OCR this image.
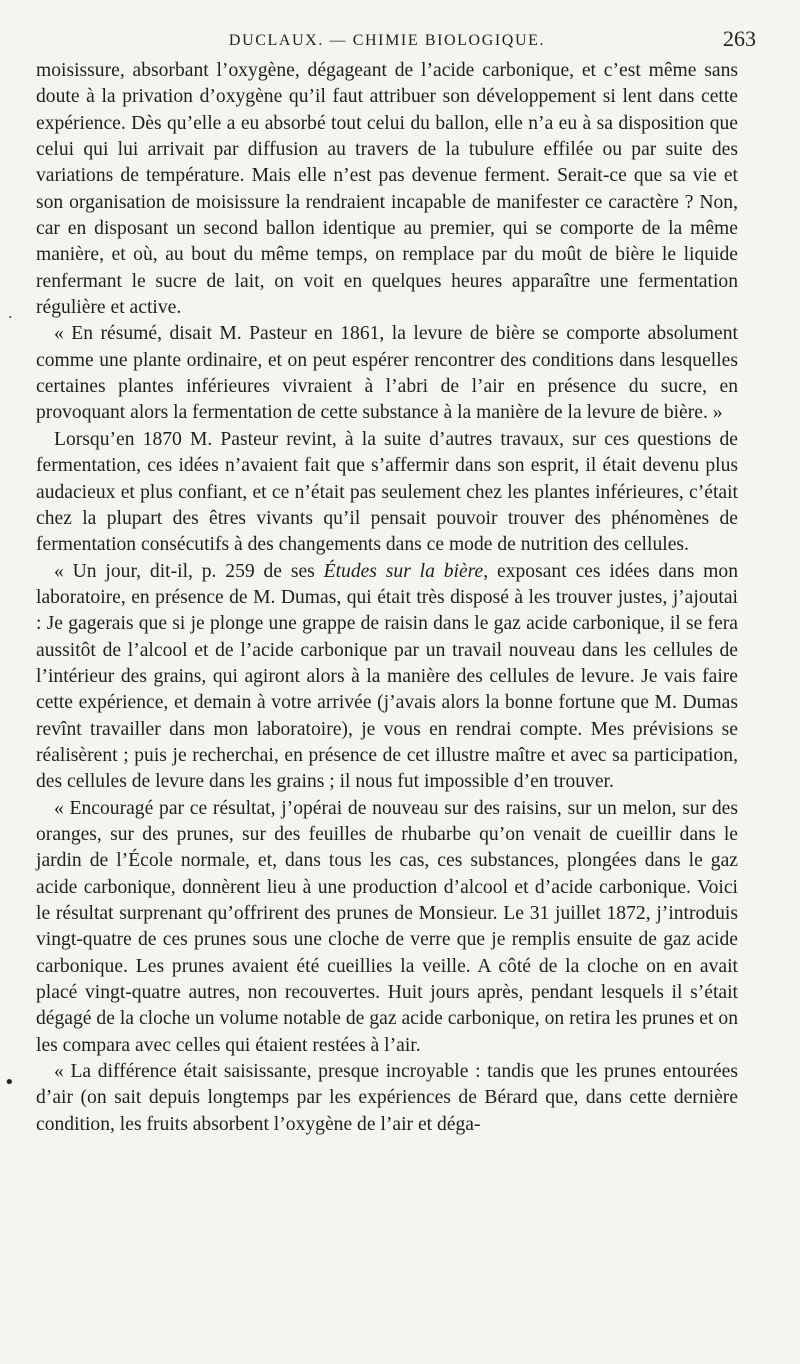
DUCLAUX. — CHIMIE BIOLOGIQUE.	263

moisissure, absorbant l’oxygène, dégageant de l’acide carbonique, et c’est même sans doute à la privation d’oxygène qu’il faut attribuer son développement si lent dans cette expérience. Dès qu’elle a eu absorbé tout celui du ballon, elle n’a eu à sa disposition que celui qui lui arrivait par diffusion au travers de la tubulure effilée ou par suite des variations de température. Mais elle n’est pas devenue ferment. Serait-ce que sa vie et son organisation de moisissure la rendraient incapable de manifester ce caractère ? Non, car en disposant un second ballon identique au premier, qui se comporte de la même manière, et où, au bout du même temps, on remplace par du moût de bière le liquide renfermant le sucre de lait, on voit en quelques heures apparaître une fermentation régulière et active.

« En résumé, disait M. Pasteur en 1861, la levure de bière se comporte absolument comme une plante ordinaire, et on peut espérer rencontrer des conditions dans lesquelles certaines plantes inférieures vivraient à l’abri de l’air en présence du sucre, en provoquant alors la fermentation de cette substance à la manière de la levure de bière. »

Lorsqu’en 1870 M. Pasteur revint, à la suite d’autres travaux, sur ces questions de fermentation, ces idées n’avaient fait que s’affermir dans son esprit, il était devenu plus audacieux et plus confiant, et ce n’était pas seulement chez les plantes inférieures, c’était chez la plupart des êtres vivants qu’il pensait pouvoir trouver des phénomènes de fermentation consécutifs à des changements dans ce mode de nutrition des cellules.

« Un jour, dit-il, p. 259 de ses Études sur la bière, exposant ces idées dans mon laboratoire, en présence de M. Dumas, qui était très disposé à les trouver justes, j’ajoutai : Je gagerais que si je plonge une grappe de raisin dans le gaz acide carbonique, il se fera aussitôt de l’alcool et de l’acide carbonique par un travail nouveau dans les cellules de l’intérieur des grains, qui agiront alors à la manière des cellules de levure. Je vais faire cette expérience, et demain à votre arrivée (j’avais alors la bonne fortune que M. Dumas revînt travailler dans mon laboratoire), je vous en rendrai compte. Mes prévisions se réalisèrent ; puis je recherchai, en présence de cet illustre maître et avec sa participation, des cellules de levure dans les grains ; il nous fut impossible d’en trouver.

« Encouragé par ce résultat, j’opérai de nouveau sur des raisins, sur un melon, sur des oranges, sur des prunes, sur des feuilles de rhubarbe qu’on venait de cueillir dans le jardin de l’École normale, et, dans tous les cas, ces substances, plongées dans le gaz acide carbonique, donnèrent lieu à une production d’alcool et d’acide carbonique. Voici le résultat surprenant qu’offrirent des prunes de Monsieur. Le 31 juillet 1872, j’introduis vingt-quatre de ces prunes sous une cloche de verre que je remplis ensuite de gaz acide carbonique. Les prunes avaient été cueillies la veille. A côté de la cloche on en avait placé vingt-quatre autres, non recouvertes. Huit jours après, pendant lesquels il s’était dégagé de la cloche un volume notable de gaz acide carbonique, on retira les prunes et on les compara avec celles qui étaient restées à l’air.

« La différence était saisissante, presque incroyable : tandis que les prunes entourées d’air (on sait depuis longtemps par les expériences de Bérard que, dans cette dernière condition, les fruits absorbent l’oxygène de l’air et déga-

·
•
